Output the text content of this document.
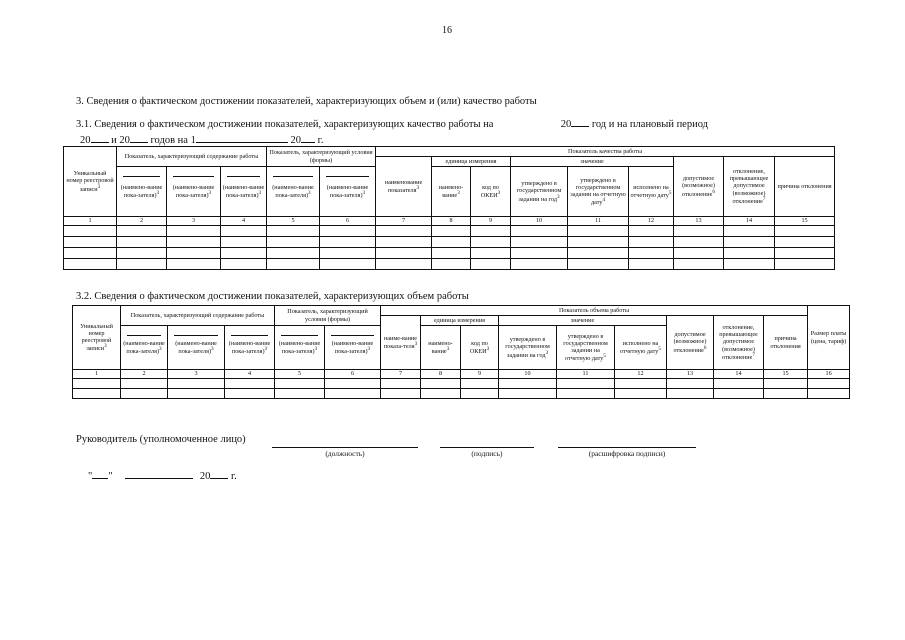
16
3. Сведения о фактическом достижении показателей, характеризующих объем и (или) качество работы
3.1. Сведения о фактическом достижении показателей, характеризующих качество работы на	20 год и на плановый период
20 и 20 годов на 1	20 г.
Уникальный номер реестровой записи$^3$	Показатель, характеризующий содержание работы			Показатель, характеризующий условия (формы)		Показатель качества работы								
						наименование показателя$^3$	единица измерения		значение			допустимое (возможное) отклонение$^6$	отклонение, превышающее допустимое (возможное) отклонение$^7$	причина отклонения
	(наимено-вание пока-зателя)$^3$	(наимено-вание пока-зателя)$^3$	(наимено-вание пока-зателя)$^3$	(наимено-вание пока-зателя)$^3$	(наимено-вание пока-зателя)$^3$		наимено-вание$^3$	код по ОКЕИ$^3$	утверждено в государственном задании на год$^3$	утверждено в государственном задании на отчетную дату$^4$	исполнено на отчетную дату$^5$
1	2	3	4	5	6	7	8	9	10	11	12	13	14	15

3.2. Сведения о фактическом достижении показателей, характеризующих объем работы
Уникальный номер реестровой записи$^3$	Показатель, характеризующий содержание работы			Показатель, характеризующий условия (формы)		Показатель объема работы									Размер платы (цена, тариф)
						наиме-вание показа-теля$^3$	единица измерения		значение			допустимое (возможное) отклонение$^6$	отклонение, превышающее допустимое (возможное) отклонение$^7$	причина отклонения	
	(наимено-вание пока-зателя)$^3$	(наимено-вание пока-зателя)$^3$	(наимено-вание пока-зателя)$^3$	(наимено-вание пока-зателя)$^3$	(наимено-вание пока-зателя)$^3$		наимено-вание$^3$	код по ОКЕИ$^3$	утверждено в государственном задании на год$^3$	утверждено в государственном задании на отчетную дату$^5$	исполнено на отчетную дату$^5$
1	2	3	4	5	6	7	8	9	10	11	12	13	14	15	16

Руководитель (уполномоченное лицо)
(должность)	(подпись)	(расшифровка подписи)
" "	20 г.
